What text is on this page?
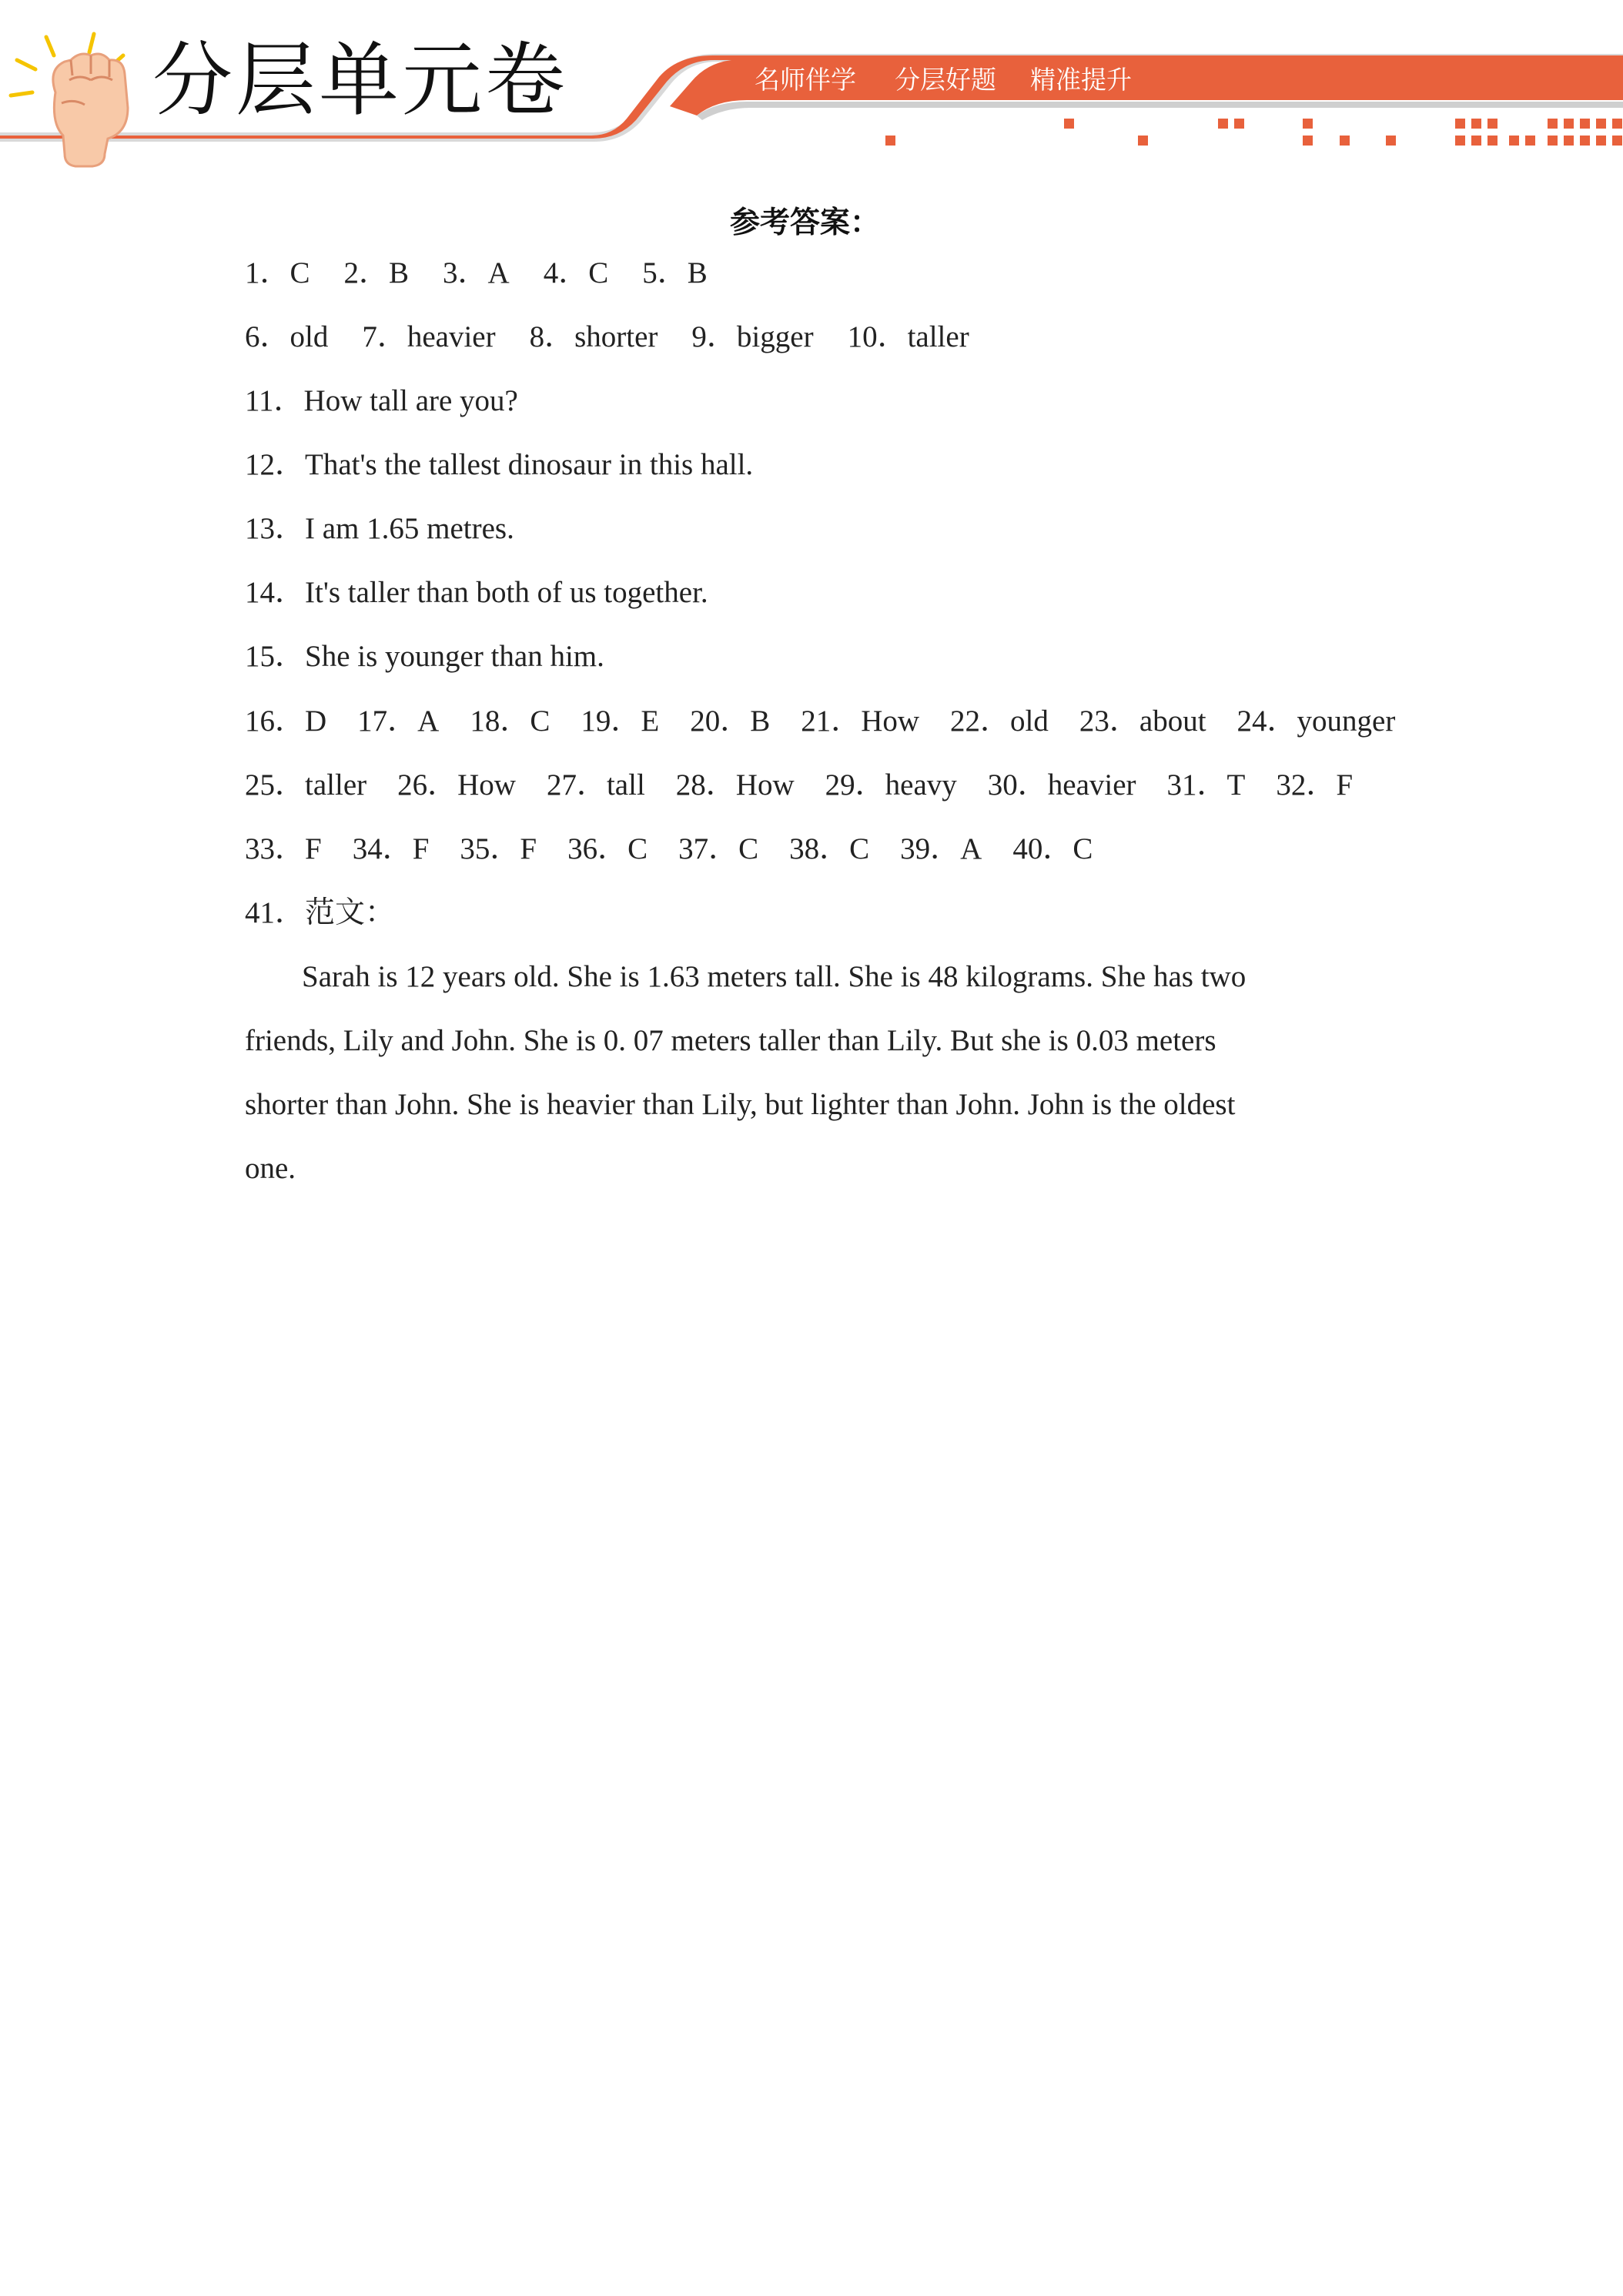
分层单元卷	名师伴学 分层好题 精准提升
参考答案：
1．C 2．B 3．A 4．C 5．B
6．old 7．heavier 8．shorter 9．bigger 10．taller
11．How tall are you?
12．That's the tallest dinosaur in this hall.
13．I am 1.65 metres.
14．It's taller than both of us together.
15．She is younger than him.
16．D 17．A 18．C 19．E 20．B 21．How 22．old 23．about 24．younger
25．taller 26．How 27．tall 28．How 29．heavy 30．heavier 31．T 32．F
33．F 34．F 35．F 36．C 37．C 38．C 39．A 40．C
41．范文：
Sarah is 12 years old. She is 1.63 meters tall. She is 48 kilograms. She has two
friends, Lily and John. She is 0. 07 meters taller than Lily. But she is 0.03 meters
shorter than John. She is heavier than Lily, but lighter than John. John is the oldest
one.
